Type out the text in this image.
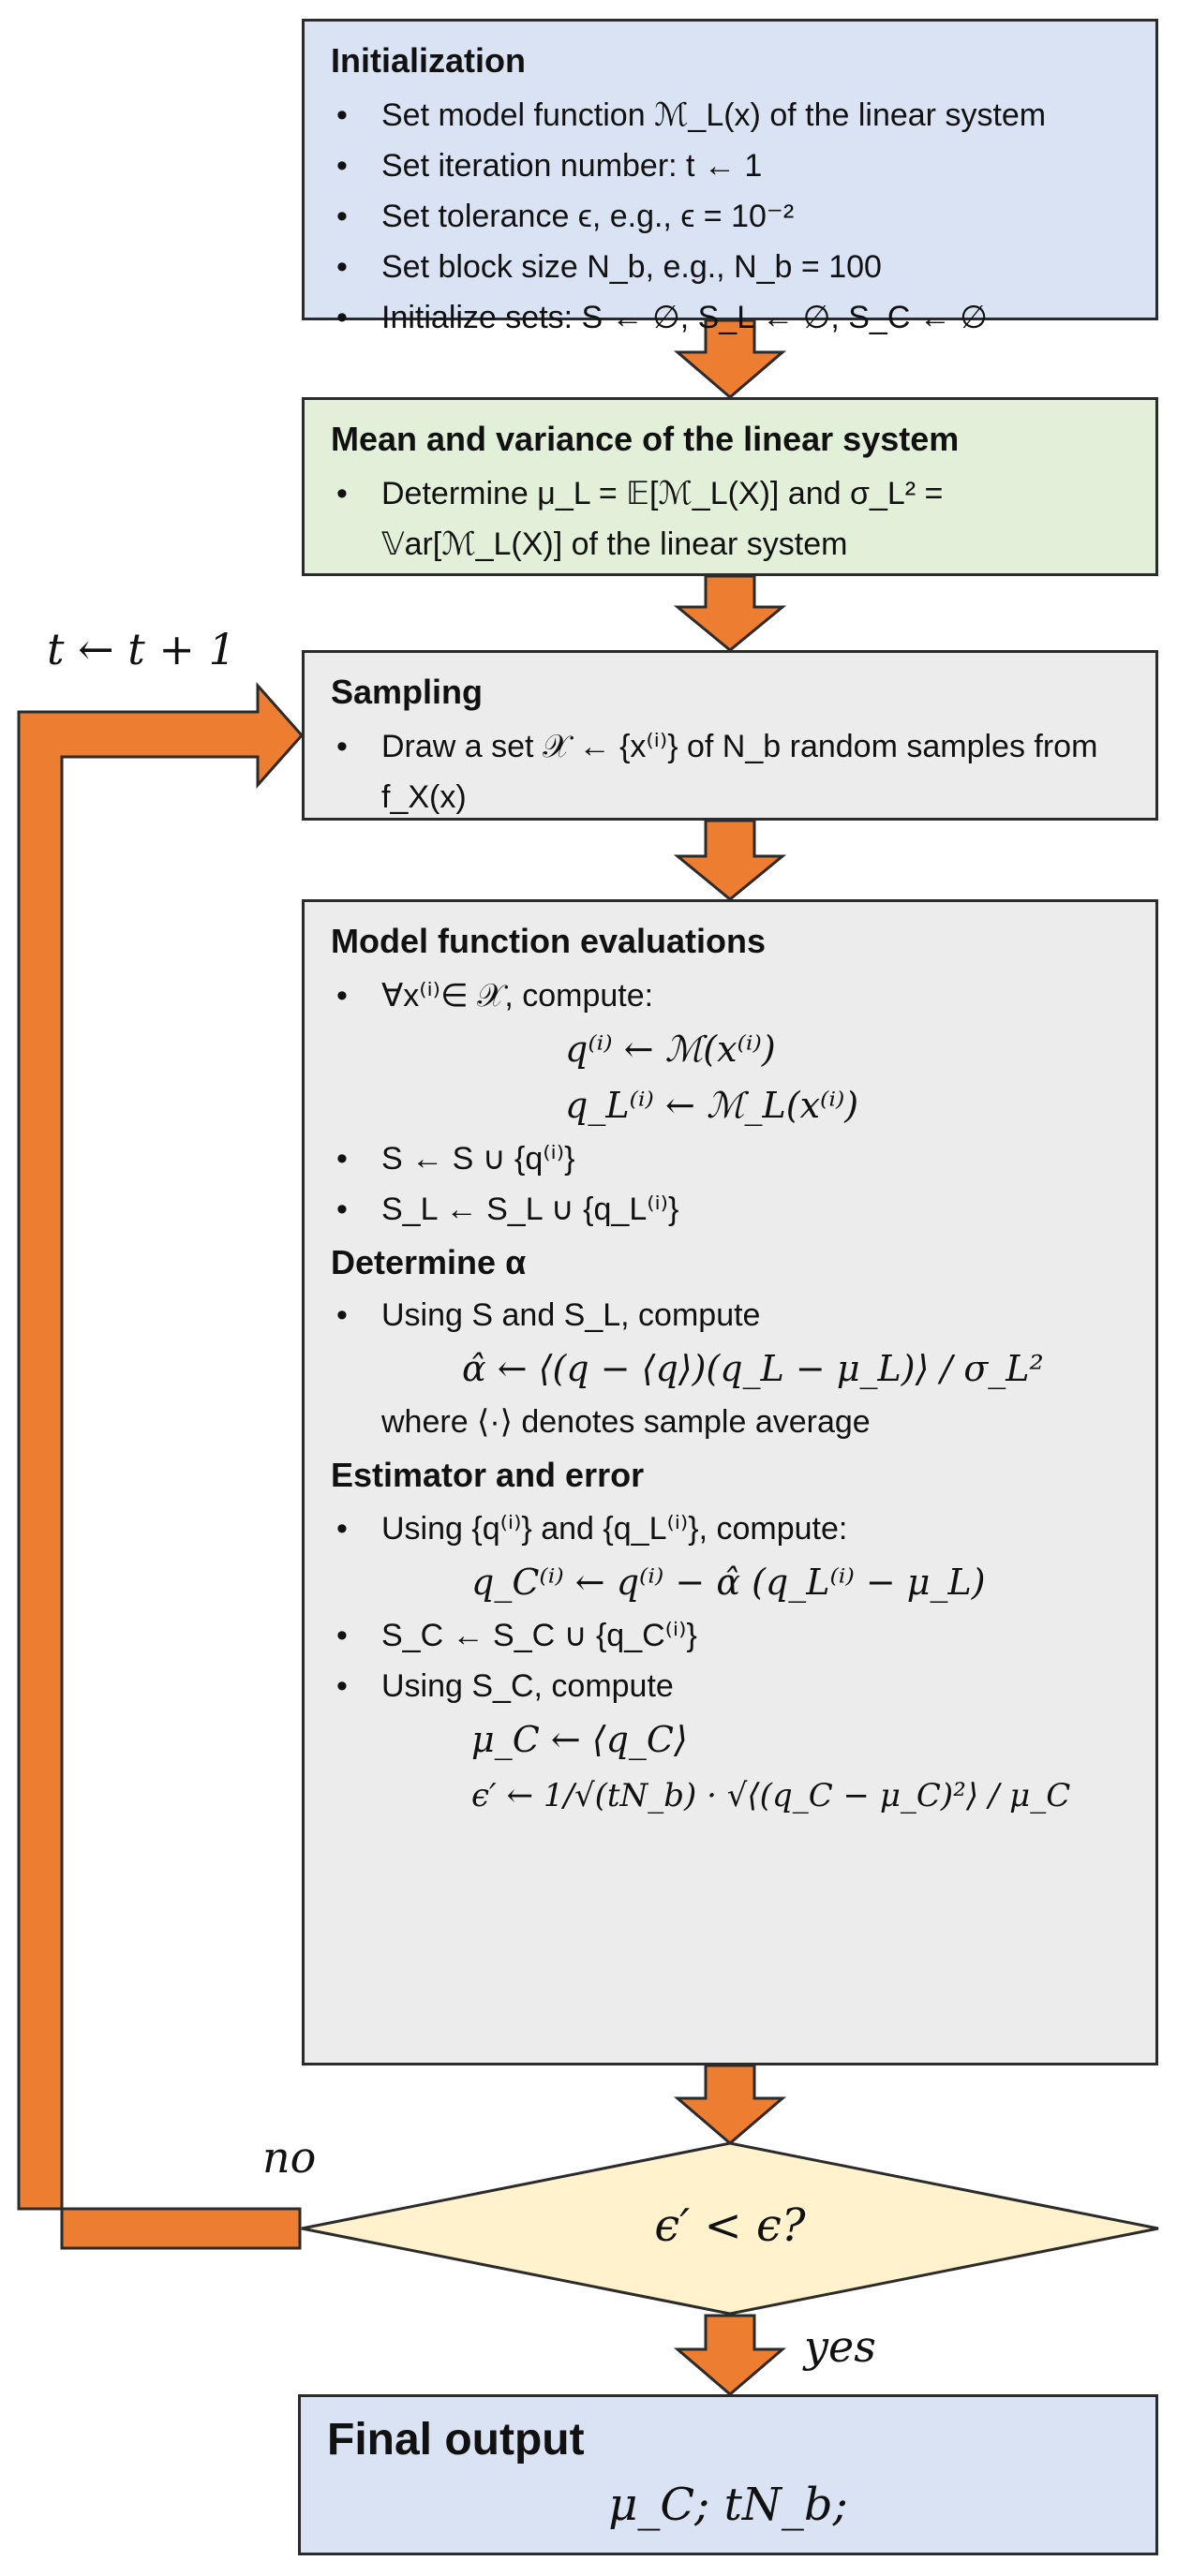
Initialization
• Set model function ℳ_L(x) of the linear system
• Set iteration number: t ← 1
• Set tolerance ϵ, e.g., ϵ = 10⁻²
• Set block size N_b, e.g., N_b = 100
• Initialize sets: S ← ∅, S_L ← ∅, S_C ← ∅
Mean and variance of the linear system
• Determine μ_L = 𝔼[ℳ_L(X)] and σ_L² = 𝕍ar[ℳ_L(X)] of the linear system
Sampling
• Draw a set 𝒳 ← {x⁽ⁱ⁾} of N_b random samples from f_X(x)
Model function evaluations
• ∀x⁽ⁱ⁾∈ 𝒳, compute:
q⁽ⁱ⁾ ← ℳ(x⁽ⁱ⁾)
q_L⁽ⁱ⁾ ← ℳ_L(x⁽ⁱ⁾)
• S ← S ∪ {q⁽ⁱ⁾}
• S_L ← S_L ∪ {q_L⁽ⁱ⁾}
Determine α
• Using S and S_L, compute
α̂ ← ⟨(q − ⟨q⟩)(q_L − μ_L)⟩ / σ_L²
where ⟨·⟩ denotes sample average
Estimator and error
• Using {q⁽ⁱ⁾} and {q_L⁽ⁱ⁾}, compute:
q_C⁽ⁱ⁾ ← q⁽ⁱ⁾ − α̂ (q_L⁽ⁱ⁾ − μ_L)
• S_C ← S_C ∪ {q_C⁽ⁱ⁾}
• Using S_C, compute
μ_C ← ⟨q_C⟩
ϵ′ ← 1/√(tN_b) · √⟨(q_C − μ_C)²⟩ / μ_C
ϵ′ < ϵ?
t ← t + 1
no
yes
Final output
μ_C; tN_b;
